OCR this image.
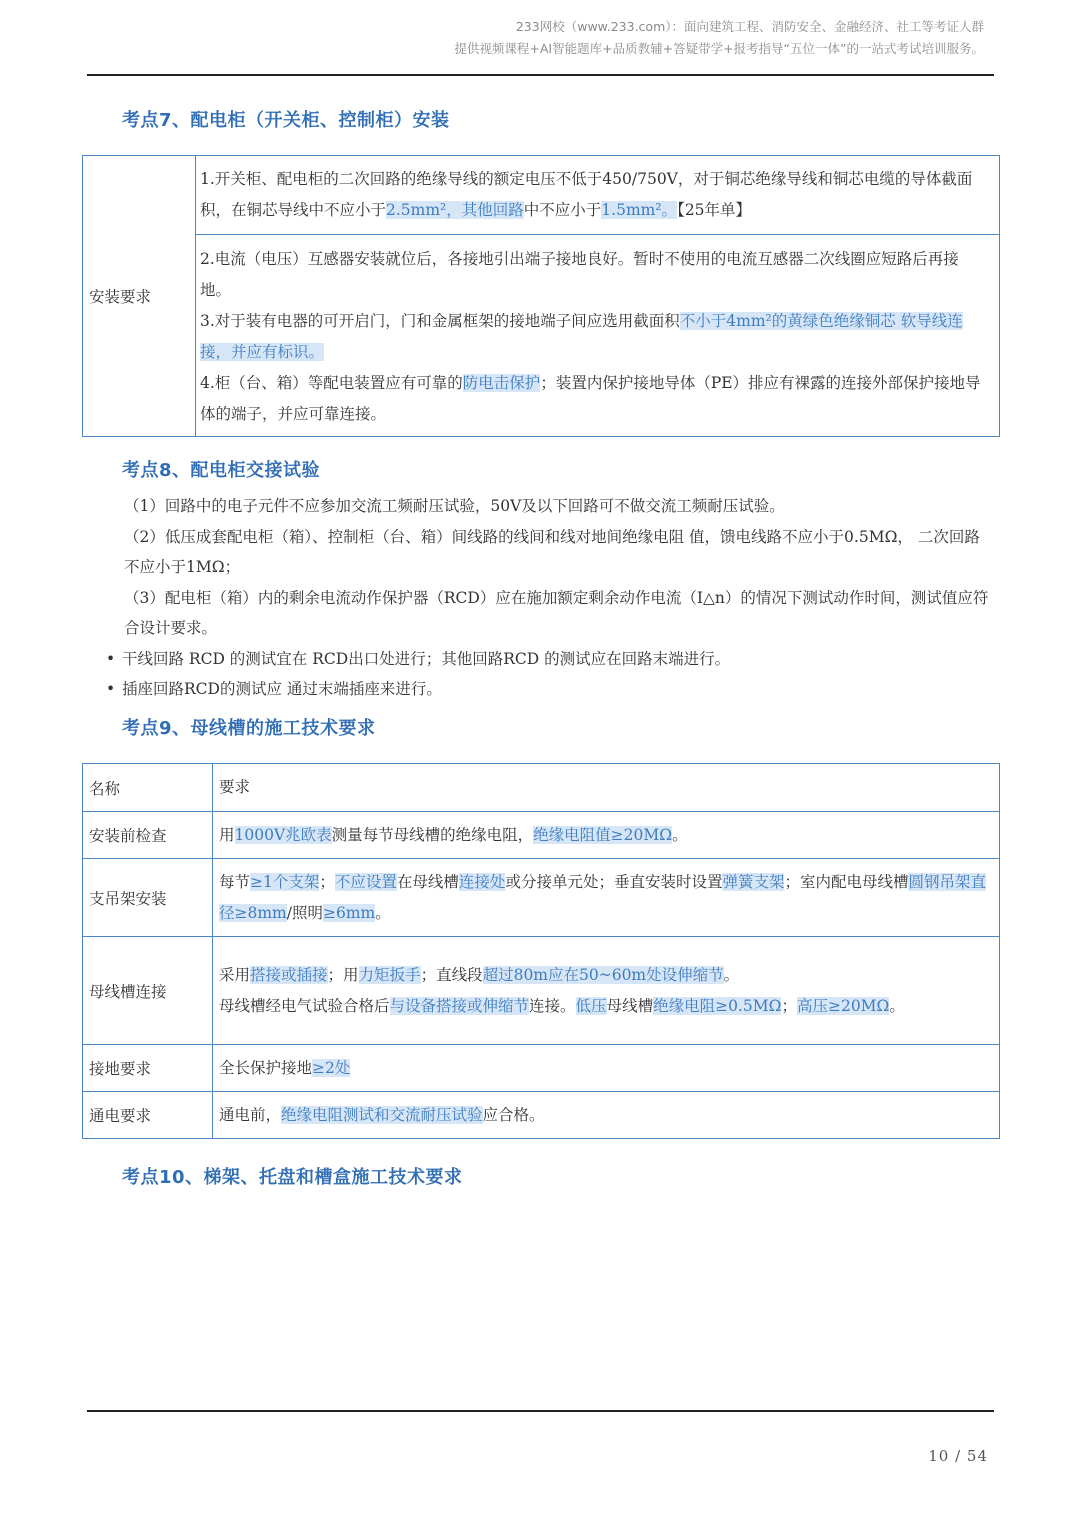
233网校（www.233.com）：面向建筑工程、消防安全、金融经济、社工等考证人群
提供视频课程+AI智能题库+品质教辅+答疑带学+报考指导“五位一体”的一站式考试培训服务。
考点7、配电柜（开关柜、控制柜）安装
安装要求	1.开关柜、配电柜的二次回路的绝缘导线的额定电压不低于450/750V，对于铜芯绝缘导线和铜芯电缆的导体截面积，在铜芯导线中不应小于2.5mm²，其他回路中不应小于1.5mm²。【25年单】

2.电流（电压）互感器安装就位后，各接地引出端子接地良好。暂时不使用的电流互感器二次线圈应短路后再接地。
3.对于装有电器的可开启门，门和金属框架的接地端子间应选用截面积不小于4mm²的黄绿色绝缘铜芯 软导线连接，并应有标识。
4.柜（台、箱）等配电装置应有可靠的防电击保护；装置内保护接地导体（PE）排应有裸露的连接外部保护接地导体的端子，并应可靠连接。
考点8、配电柜交接试验
（1）回路中的电子元件不应参加交流工频耐压试验，50V及以下回路可不做交流工频耐压试验。
（2）低压成套配电柜（箱）、控制柜（台、箱）间线路的线间和线对地间绝缘电阻 值，馈电线路不应小于0.5MΩ， 二次回路不应小于1MΩ；
（3）配电柜（箱）内的剩余电流动作保护器（RCD）应在施加额定剩余动作电流（I△n）的情况下测试动作时间，测试值应符合设计要求。
• 干线回路 RCD 的测试宜在 RCD出口处进行；其他回路RCD 的测试应在回路末端进行。
• 插座回路RCD的测试应 通过末端插座来进行。
考点9、母线槽的施工技术要求
名称	要求
安装前检查	用1000V兆欧表测量每节母线槽的绝缘电阻，绝缘电阻值≥20MΩ。
支吊架安装	每节≥1个支架；不应设置在母线槽连接处或分接单元处；垂直安装时设置弹簧支架；室内配电母线槽圆钢吊架直径≥8mm/照明≥6mm。
母线槽连接	采用搭接或插接；用力矩扳手；直线段超过80m应在50~60m处设伸缩节。
母线槽经电气试验合格后与设备搭接或伸缩节连接。低压母线槽绝缘电阻≥0.5MΩ；高压≥20MΩ。

接地要求	全长保护接地≥2处
通电要求	通电前，绝缘电阻测试和交流耐压试验应合格。
考点10、梯架、托盘和槽盒施工技术要求
10 / 54
